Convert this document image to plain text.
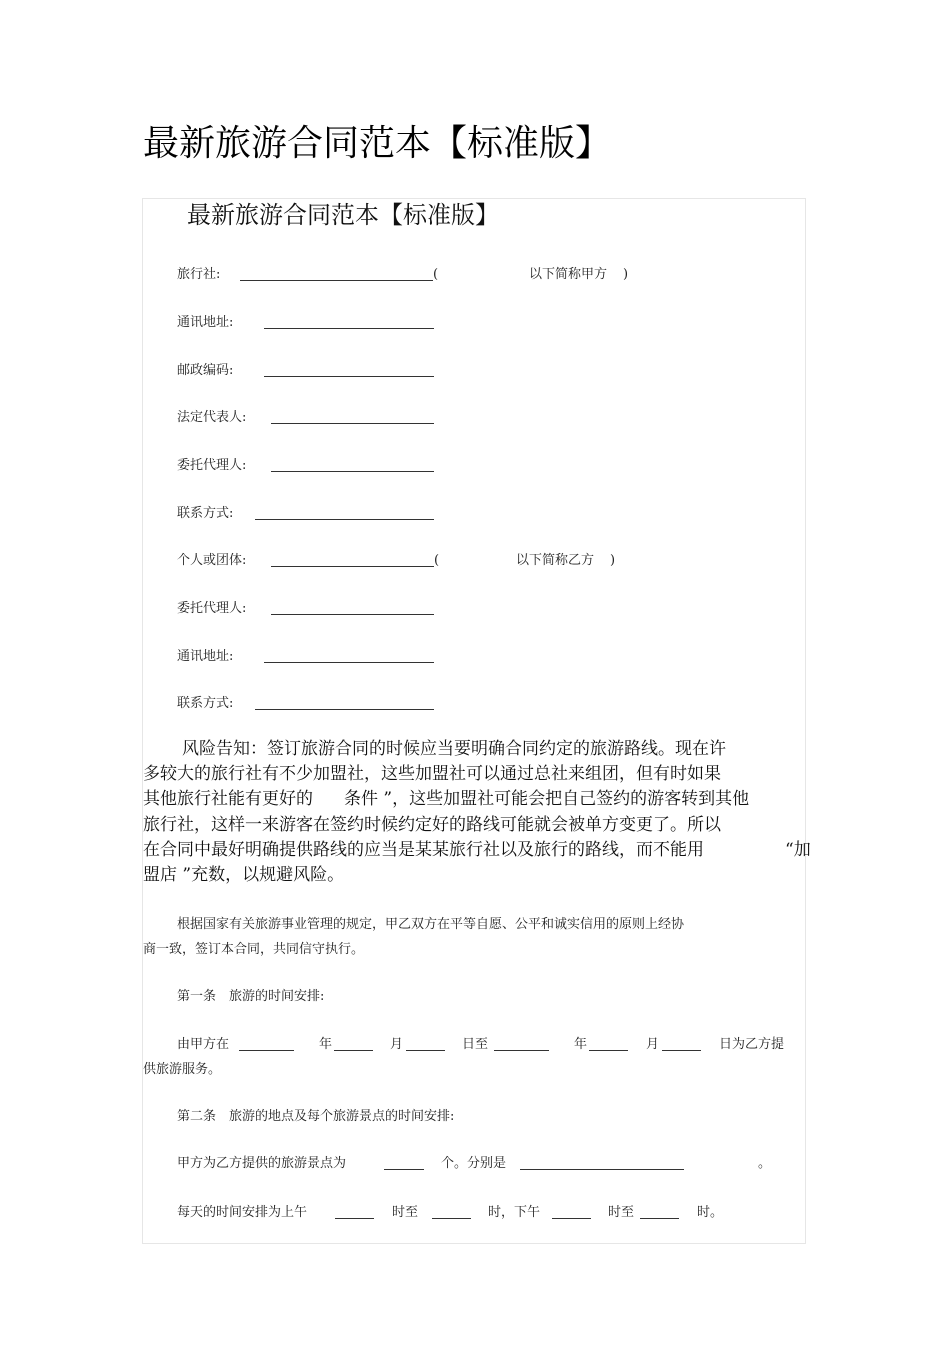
最新旅游合同范本【标准版】
最新旅游合同范本【标准版】
旅行社:	(	以下简称甲方 )
通讯地址:
邮政编码:
法定代表人:
委托代理人:
联系方式:
个人或团体:	(	以下简称乙方 )
委托代理人:
通讯地址:
联系方式:
风险告知：签订旅游合同的时候应当要明确合同约定的旅游路线。现在许
多较大的旅行社有不少加盟社，这些加盟社可以通过总社来组团，但有时如果
其他旅行社能有更好的 条件 ”，这些加盟社可能会把自己签约的游客转到其他
旅行社，这样一来游客在签约时候约定好的路线可能就会被单方变更了。所以
在合同中最好明确提供路线的应当是某某旅行社以及旅行的路线，而不能用	“加
盟店 ”充数，以规避风险。
根据国家有关旅游事业管理的规定，甲乙双方在平等自愿、公平和诚实信用的原则上经协
商一致，签订本合同，共同信守执行。
第一条　旅游的时间安排:
由甲方在	年	月	日至	年	月	日为乙方提
供旅游服务。
第二条　旅游的地点及每个旅游景点的时间安排:
甲方为乙方提供的旅游景点为	个。分别是	。
每天的时间安排为上午	时至	时，下午	时至	时。
